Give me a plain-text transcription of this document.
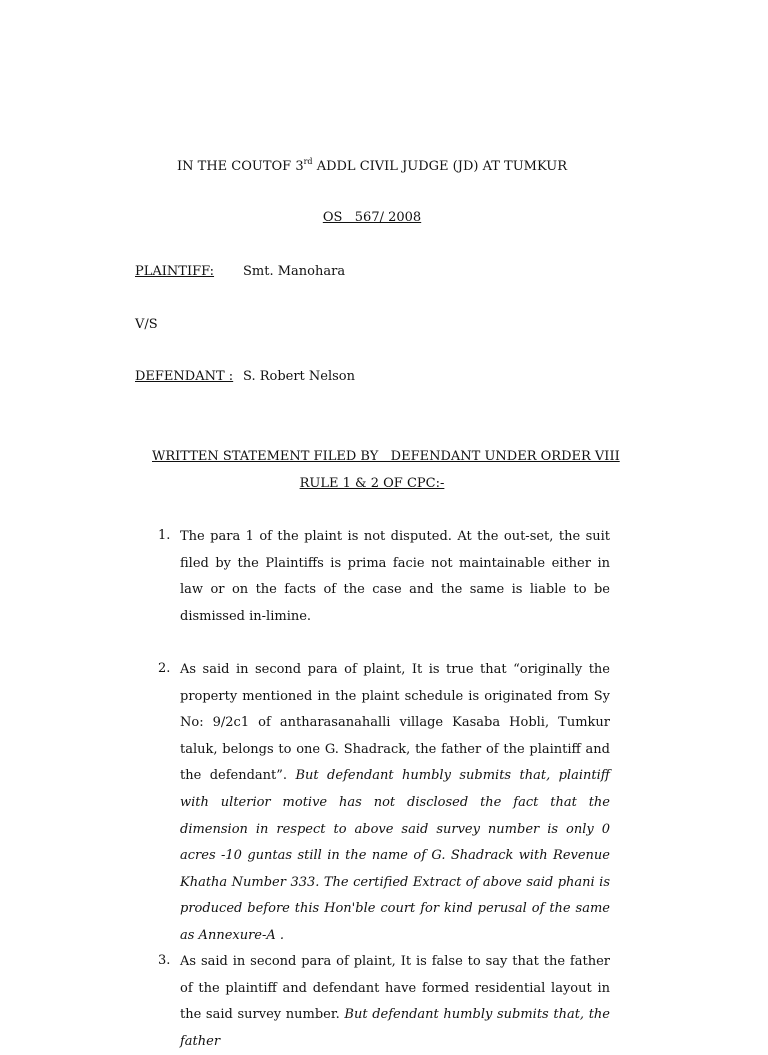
IN THE COUTOF 3rd ADDL CIVIL JUDGE (JD) AT TUMKUR
OS   567/ 2008
PLAINTIFF: Smt. Manohara
V/S
DEFENDANT : S. Robert Nelson
WRITTEN STATEMENT FILED BY   DEFENDANT UNDER ORDER VIII
RULE 1 & 2 OF CPC:-
1. The para 1 of the plaint is not disputed. At the out-set, the suit filed by the Plaintiffs is prima facie not maintainable either in law or on the facts of the case and the same is liable to be dismissed in-limine.
2. As said in second para of plaint, It is true that “originally the property mentioned in the plaint schedule is originated from Sy No: 9/2c1 of antharasanahalli village Kasaba Hobli, Tumkur taluk, belongs to one G. Shadrack, the father of the plaintiff and the defendant”. But defendant humbly submits that, plaintiff with ulterior motive has not disclosed the fact that the dimension in respect to above said survey number is only 0 acres -10 guntas still in the name of G. Shadrack with Revenue Khatha Number 333. The certified Extract of above said phani is produced before this Hon'ble court for kind perusal of the same as Annexure-A .
3. As said in second para of plaint, It is false to say that the father of the plaintiff and defendant have formed residential layout in the said survey number. But defendant humbly submits that, the father
